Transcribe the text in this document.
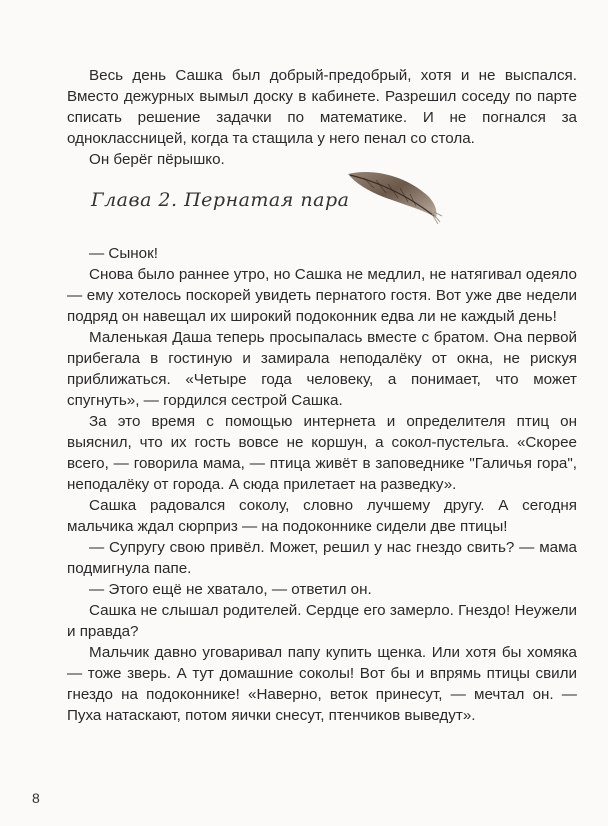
Весь день Сашка был добрый-предобрый, хотя и не выспался. Вместо дежурных вымыл доску в кабинете. Разрешил соседу по парте списать решение задачки по математике. И не погнался за одноклассницей, когда та стащила у него пенал со стола.

Он берёг пёрышко.

Глава 2. Пернатая пара

— Сынок!

Снова было раннее утро, но Сашка не медлил, не натягивал одеяло — ему хотелось поскорей увидеть пернатого гостя. Вот уже две недели подряд он навещал их широкий подоконник едва ли не каждый день!

Маленькая Даша теперь просыпалась вместе с братом. Она первой прибегала в гостиную и замирала неподалёку от окна, не рискуя приближаться. «Четыре года человеку, а понимает, что может спугнуть», — гордился сестрой Сашка.

За это время с помощью интернета и определителя птиц он выяснил, что их гость вовсе не коршун, а сокол-пустельга. «Скорее всего, — говорила мама, — птица живёт в заповеднике "Галичья гора", неподалёку от города. А сюда прилетает на разведку».

Сашка радовался соколу, словно лучшему другу. А сегодня мальчика ждал сюрприз — на подоконнике сидели две птицы!

— Супругу свою привёл. Может, решил у нас гнездо свить? — мама подмигнула папе.

— Этого ещё не хватало, — ответил он.

Сашка не слышал родителей. Сердце его замерло. Гнездо! Неужели и правда?

Мальчик давно уговаривал папу купить щенка. Или хотя бы хомяка — тоже зверь. А тут домашние соколы! Вот бы и впрямь птицы свили гнездо на подоконнике! «Наверно, веток принесут, — мечтал он. — Пуха натаскают, потом яички снесут, птенчиков выведут».

8
